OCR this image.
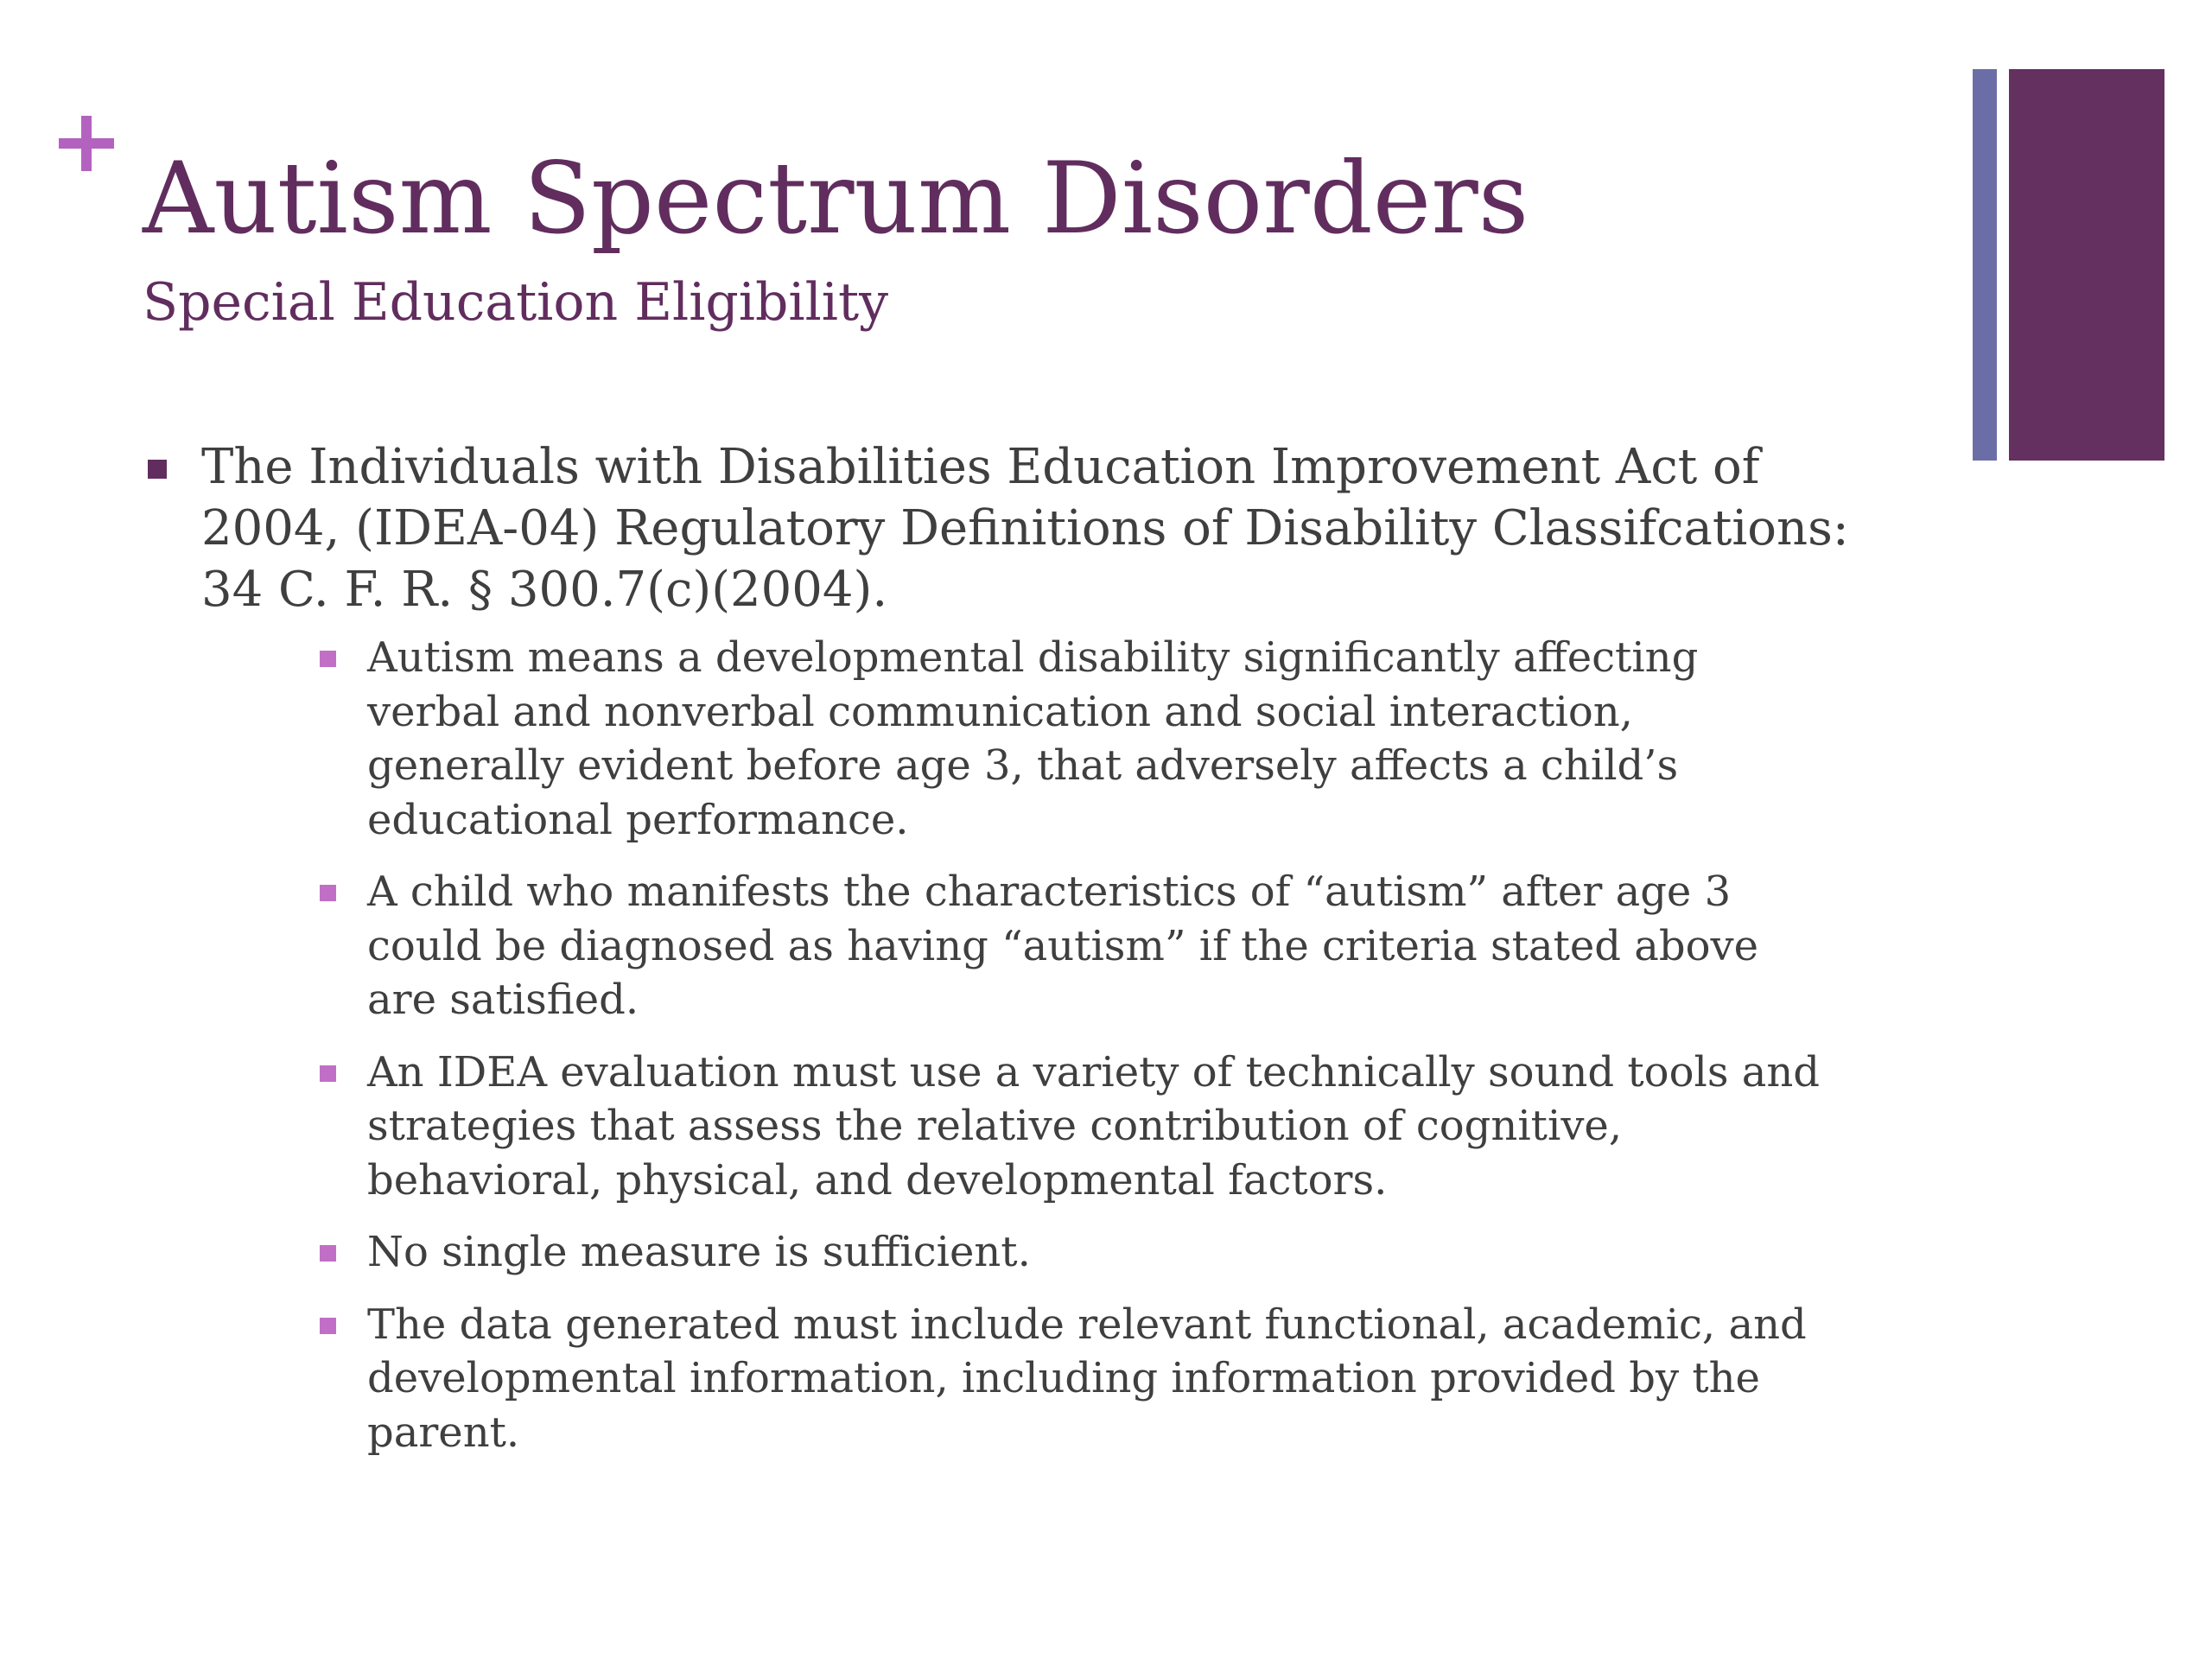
Autism Spectrum Disorders
Special Education Eligibility
The Individuals with Disabilities Education Improvement Act of
2004, (IDEA-04) Regulatory Definitions of Disability Classifcations:
34 C. F. R. § 300.7(c)(2004).
Autism means a developmental disability significantly affecting
verbal and nonverbal communication and social interaction,
generally evident before age 3, that adversely affects a child’s
educational performance.
A child who manifests the characteristics of “autism” after age 3
could be diagnosed as having “autism” if the criteria stated above
are satisfied.
An IDEA evaluation must use a variety of technically sound tools and
strategies that assess the relative contribution of cognitive,
behavioral, physical, and developmental factors.
No single measure is sufficient.
The data generated must include relevant functional, academic, and
developmental information, including information provided by the
parent.
